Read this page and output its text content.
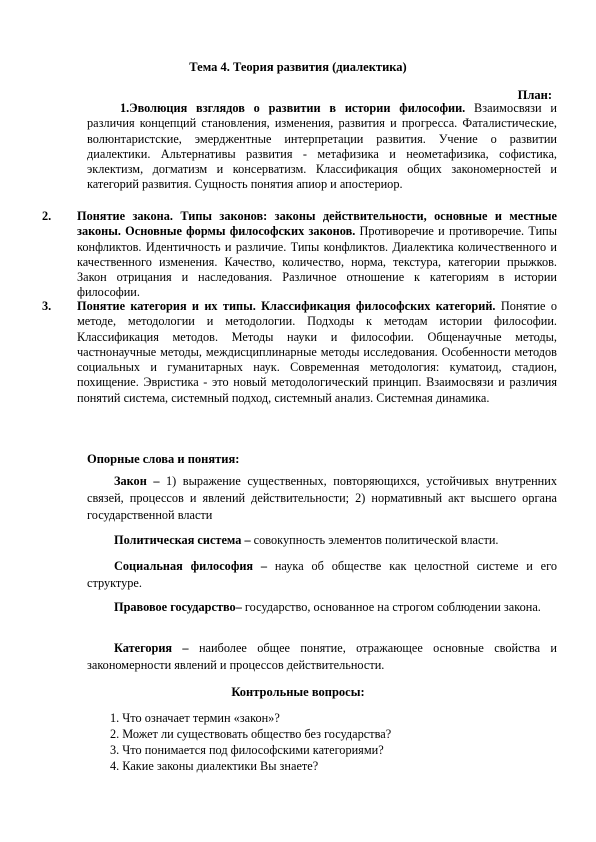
Тема 4. Теория развития (диалектика)
План:
1.Эволюция взглядов о развитии в истории философии. Взаимосвязи и различия концепций становления, изменения, развития и прогресса. Фаталистические, волюнтаристские, эмерджентные интерпретации развития. Учение о развитии диалектики. Альтернативы развития - метафизика и неометафизика, софистика, эклектизм, догматизм и консерватизм. Классификация общих закономерностей и категорий развития. Сущность понятия апиор и апостериор.
2. Понятие закона. Типы законов: законы действительности, основные и местные законы. Основные формы философских законов. Противоречие и противоречие. Типы конфликтов. Идентичность и различие. Типы конфликтов. Диалектика количественного и качественного изменения. Качество, количество, норма, текстура, категории прыжков. Закон отрицания и наследования. Различное отношение к категориям в истории философии.
3. Понятие категория и их типы. Классификация философских категорий. Понятие о методе, методологии и методологии. Подходы к методам истории философии. Классификация методов. Методы науки и философии. Общенаучные методы, частнонаучные методы, междисциплинарные методы исследования. Особенности методов социальных и гуманитарных наук. Современная методология: куматоид, стадион, похищение. Эвристика - это новый методологический принцип. Взаимосвязи и различия понятий система, системный подход, системный анализ. Системная динамика.
Опорные слова и понятия:
Закон – 1) выражение существенных, повторяющихся, устойчивых внутренних связей, процессов и явлений действительности; 2) нормативный акт высшего органа государственной власти
Политическая система – совокупность элементов политической власти.
Социальная философия – наука об обществе как целостной системе и его структуре.
Правовое государство– государство, основанное на строгом соблюдении закона.
Категория – наиболее общее понятие, отражающее основные свойства и закономерности явлений и процессов действительности.
Контрольные вопросы:
1. Что означает термин «закон»?
2. Может ли существовать общество без государства?
3. Что понимается под философскими категориями?
4. Какие законы диалектики Вы знаете?
